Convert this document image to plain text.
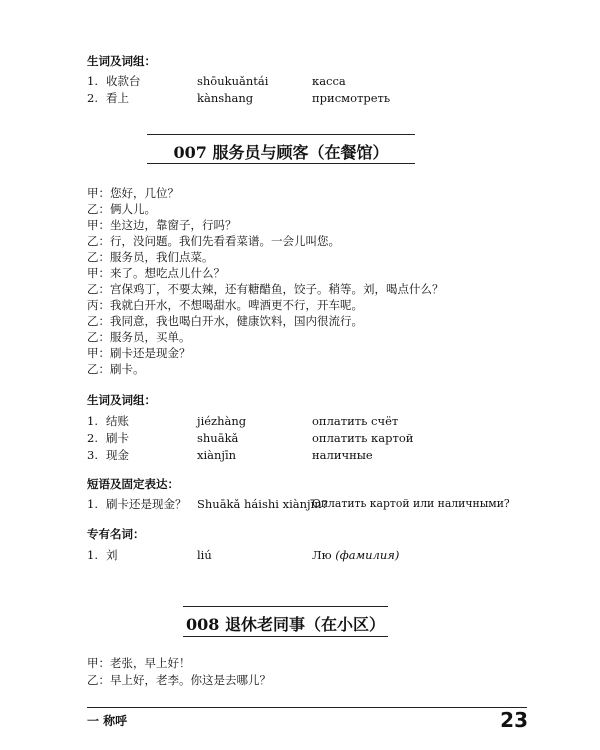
生词及词组：
1. 收款台	shōukuǎntái	касса
2. 看上	kànshang	присмотреть
007 服务员与顾客（在餐馆）
甲：您好，几位？
乙：俩人儿。
甲：坐这边，靠窗子，行吗？
乙：行，没问题。我们先看看菜谱。一会儿叫您。
乙：服务员，我们点菜。
甲：来了。想吃点儿什么？
乙：宫保鸡丁，不要太辣，还有糖醋鱼，饺子。稍等。刘，喝点什么？
丙：我就白开水，不想喝甜水。啤酒更不行，开车呢。
乙：我同意，我也喝白开水，健康饮料，国内很流行。
乙：服务员，买单。
甲：刷卡还是现金？
乙：刷卡。
生词及词组：
1. 结账	jiézhàng	оплатить счёт
2. 刷卡	shuākǎ	оплатить картой
3. 现金	xiànjīn	наличные
短语及固定表达：
1. 刷卡还是现金？ Shuākǎ háishi xiànjīn?
Оплатить картой или наличными?
专有名词：
1. 刘	liú	Лю (фамилия)
008 退休老同事（在小区）
甲：老张，早上好！
乙：早上好，老李。你这是去哪儿？
一 称呼	23
